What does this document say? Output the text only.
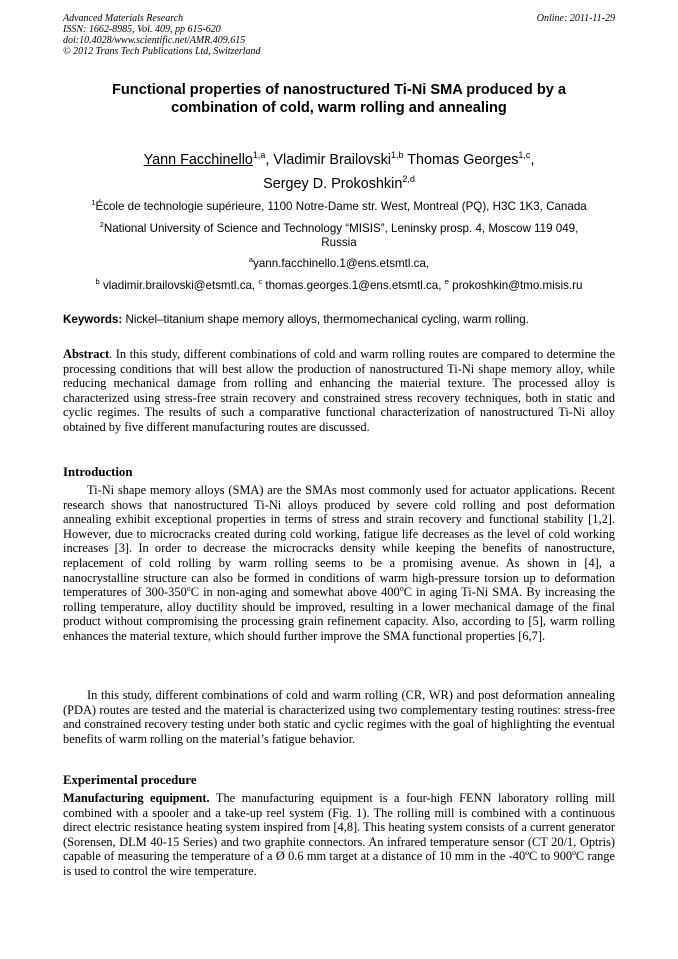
Advanced Materials Research
ISSN: 1662-8985, Vol. 409, pp 615-620
doi:10.4028/www.scientific.net/AMR.409.615
© 2012 Trans Tech Publications Ltd, Switzerland
Online: 2011-11-29
Functional properties of nanostructured Ti-Ni SMA produced by a
combination of cold, warm rolling and annealing
Yann Facchinello$^{1,a}$, Vladimir Brailovski$^{1,b}$ Thomas Georges$^{1,c}$,
Sergey D. Prokoshkin$^{2,d}$
$^1$École de technologie supérieure, 1100 Notre-Dame str. West, Montreal (PQ), H3C 1K3, Canada
$^2$National University of Science and Technology “MISIS”, Leninsky prosp. 4, Moscow 119 049,
Russia
$^a$yann.facchinello.1@ens.etsmtl.ca,
$^b$ vladimir.brailovski@etsmtl.ca, $^c$ thomas.georges.1@ens.etsmtl.ca, $^e$ prokoshkin@tmo.misis.ru
Keywords: Nickel–titanium shape memory alloys, thermomechanical cycling, warm rolling.
Abstract. In this study, different combinations of cold and warm rolling routes are compared to determine the processing conditions that will best allow the production of nanostructured Ti-Ni shape memory alloy, while reducing mechanical damage from rolling and enhancing the material texture. The processed alloy is characterized using stress-free strain recovery and constrained stress recovery techniques, both in static and cyclic regimes. The results of such a comparative functional characterization of nanostructured Ti-Ni alloy obtained by five different manufacturing routes are discussed.
Introduction
Ti-Ni shape memory alloys (SMA) are the SMAs most commonly used for actuator applications. Recent research shows that nanostructured Ti-Ni alloys produced by severe cold rolling and post deformation annealing exhibit exceptional properties in terms of stress and strain recovery and functional stability [1,2]. However, due to microcracks created during cold working, fatigue life decreases as the level of cold working increases [3]. In order to decrease the microcracks density while keeping the benefits of nanostructure, replacement of cold rolling by warm rolling seems to be a promising avenue. As shown in [4], a nanocrystalline structure can also be formed in conditions of warm high-pressure torsion up to deformation temperatures of 300-350$^o$C in non-aging and somewhat above 400$^o$C in aging Ti-Ni SMA. By increasing the rolling temperature, alloy ductility should be improved, resulting in a lower mechanical damage of the final product without compromising the processing grain refinement capacity. Also, according to [5], warm rolling enhances the material texture, which should further improve the SMA functional properties [6,7].
In this study, different combinations of cold and warm rolling (CR, WR) and post deformation annealing (PDA) routes are tested and the material is characterized using two complementary testing routines: stress-free and constrained recovery testing under both static and cyclic regimes with the goal of highlighting the eventual benefits of warm rolling on the material’s fatigue behavior.
Experimental procedure
Manufacturing equipment. The manufacturing equipment is a four-high FENN laboratory rolling mill combined with a spooler and a take-up reel system (Fig. 1). The rolling mill is combined with a continuous direct electric resistance heating system inspired from [4,8]. This heating system consists of a current generator (Sorensen, DLM 40-15 Series) and two graphite connectors. An infrared temperature sensor (CT 20/1, Optris) capable of measuring the temperature of a Ø 0.6 mm target at a distance of 10 mm in the -40ºC to 900ºC range is used to control the wire temperature.
